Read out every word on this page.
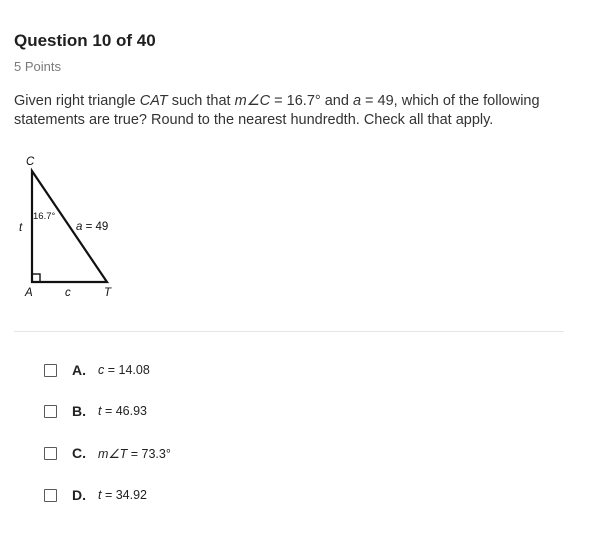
Question 10 of 40
5 Points
Given right triangle CAT such that m∠C = 16.7° and a = 49, which of the following statements are true? Round to the nearest hundredth. Check all that apply.
C
A	T
t
c
16.7°
a = 49
A. c = 14.08
B. t = 46.93
C. m∠T = 73.3°
D. t = 34.92
